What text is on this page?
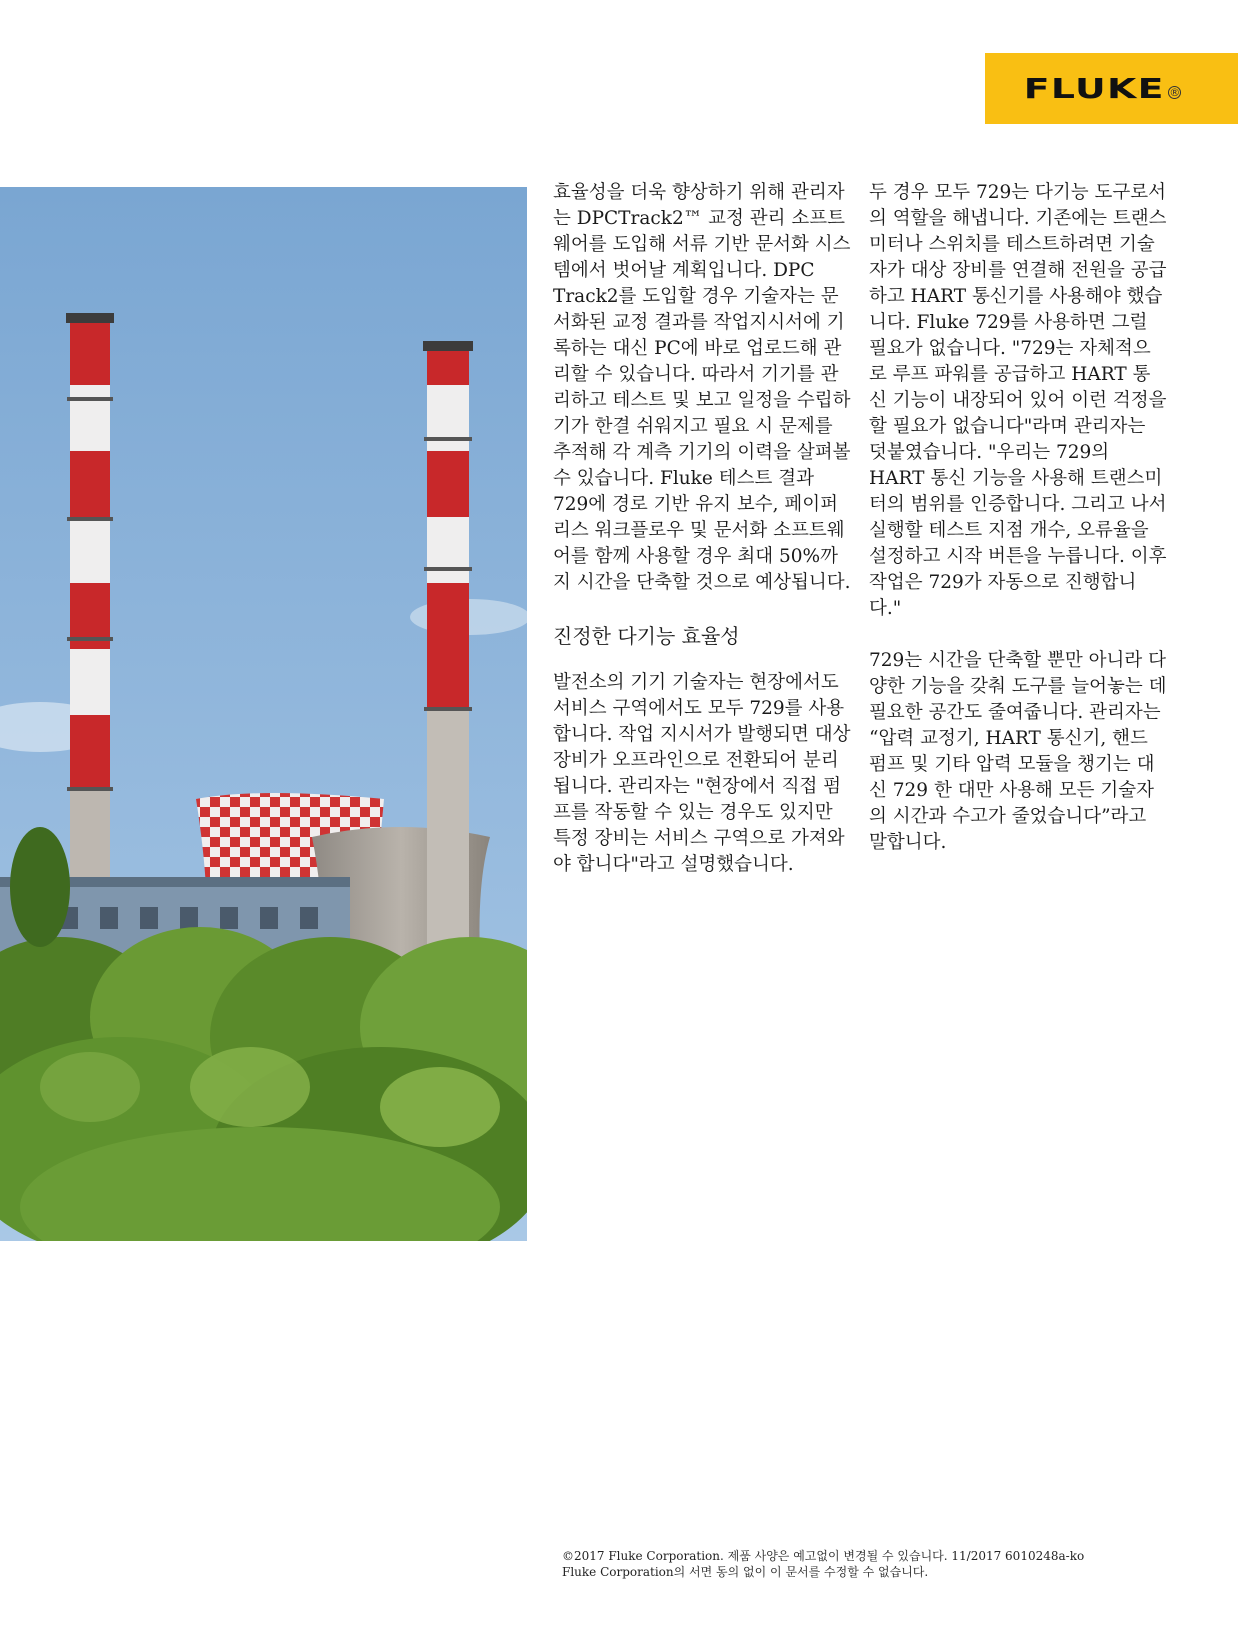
FLUKE ®

효율성을 더욱 향상하기 위해 관리자는 DPCTrack2™ 교정 관리 소프트웨어를 도입해 서류 기반 문서화 시스템에서 벗어날 계획입니다. DPC Track2를 도입할 경우 기술자는 문서화된 교정 결과를 작업지시서에 기록하는 대신 PC에 바로 업로드해 관리할 수 있습니다. 따라서 기기를 관리하고 테스트 및 보고 일정을 수립하기가 한결 쉬워지고 필요 시 문제를 추적해 각 계측 기기의 이력을 살펴볼 수 있습니다. Fluke 테스트 결과 729에 경로 기반 유지 보수, 페이퍼리스 워크플로우 및 문서화 소프트웨어를 함께 사용할 경우 최대 50%까지 시간을 단축할 것으로 예상됩니다.

진정한 다기능 효율성

발전소의 기기 기술자는 현장에서도 서비스 구역에서도 모두 729를 사용합니다. 작업 지시서가 발행되면 대상 장비가 오프라인으로 전환되어 분리됩니다. 관리자는 "현장에서 직접 펌프를 작동할 수 있는 경우도 있지만 특정 장비는 서비스 구역으로 가져와야 합니다"라고 설명했습니다.

두 경우 모두 729는 다기능 도구로서의 역할을 해냅니다. 기존에는 트랜스미터나 스위치를 테스트하려면 기술자가 대상 장비를 연결해 전원을 공급하고 HART 통신기를 사용해야 했습니다. Fluke 729를 사용하면 그럴 필요가 없습니다. "729는 자체적으로 루프 파워를 공급하고 HART 통신 기능이 내장되어 있어 이런 걱정을 할 필요가 없습니다"라며 관리자는 덧붙였습니다. "우리는 729의 HART 통신 기능을 사용해 트랜스미터의 범위를 인증합니다. 그리고 나서 실행할 테스트 지점 개수, 오류율을 설정하고 시작 버튼을 누릅니다. 이후 작업은 729가 자동으로 진행합니다."

729는 시간을 단축할 뿐만 아니라 다양한 기능을 갖춰 도구를 늘어놓는 데 필요한 공간도 줄여줍니다. 관리자는 “압력 교정기, HART 통신기, 핸드 펌프 및 기타 압력 모듈을 챙기는 대신 729 한 대만 사용해 모든 기술자의 시간과 수고가 줄었습니다”라고 말합니다.

©2017 Fluke Corporation. 제품 사양은 예고없이 변경될 수 있습니다. 11/2017 6010248a-ko
Fluke Corporation의 서면 동의 없이 이 문서를 수정할 수 없습니다.
